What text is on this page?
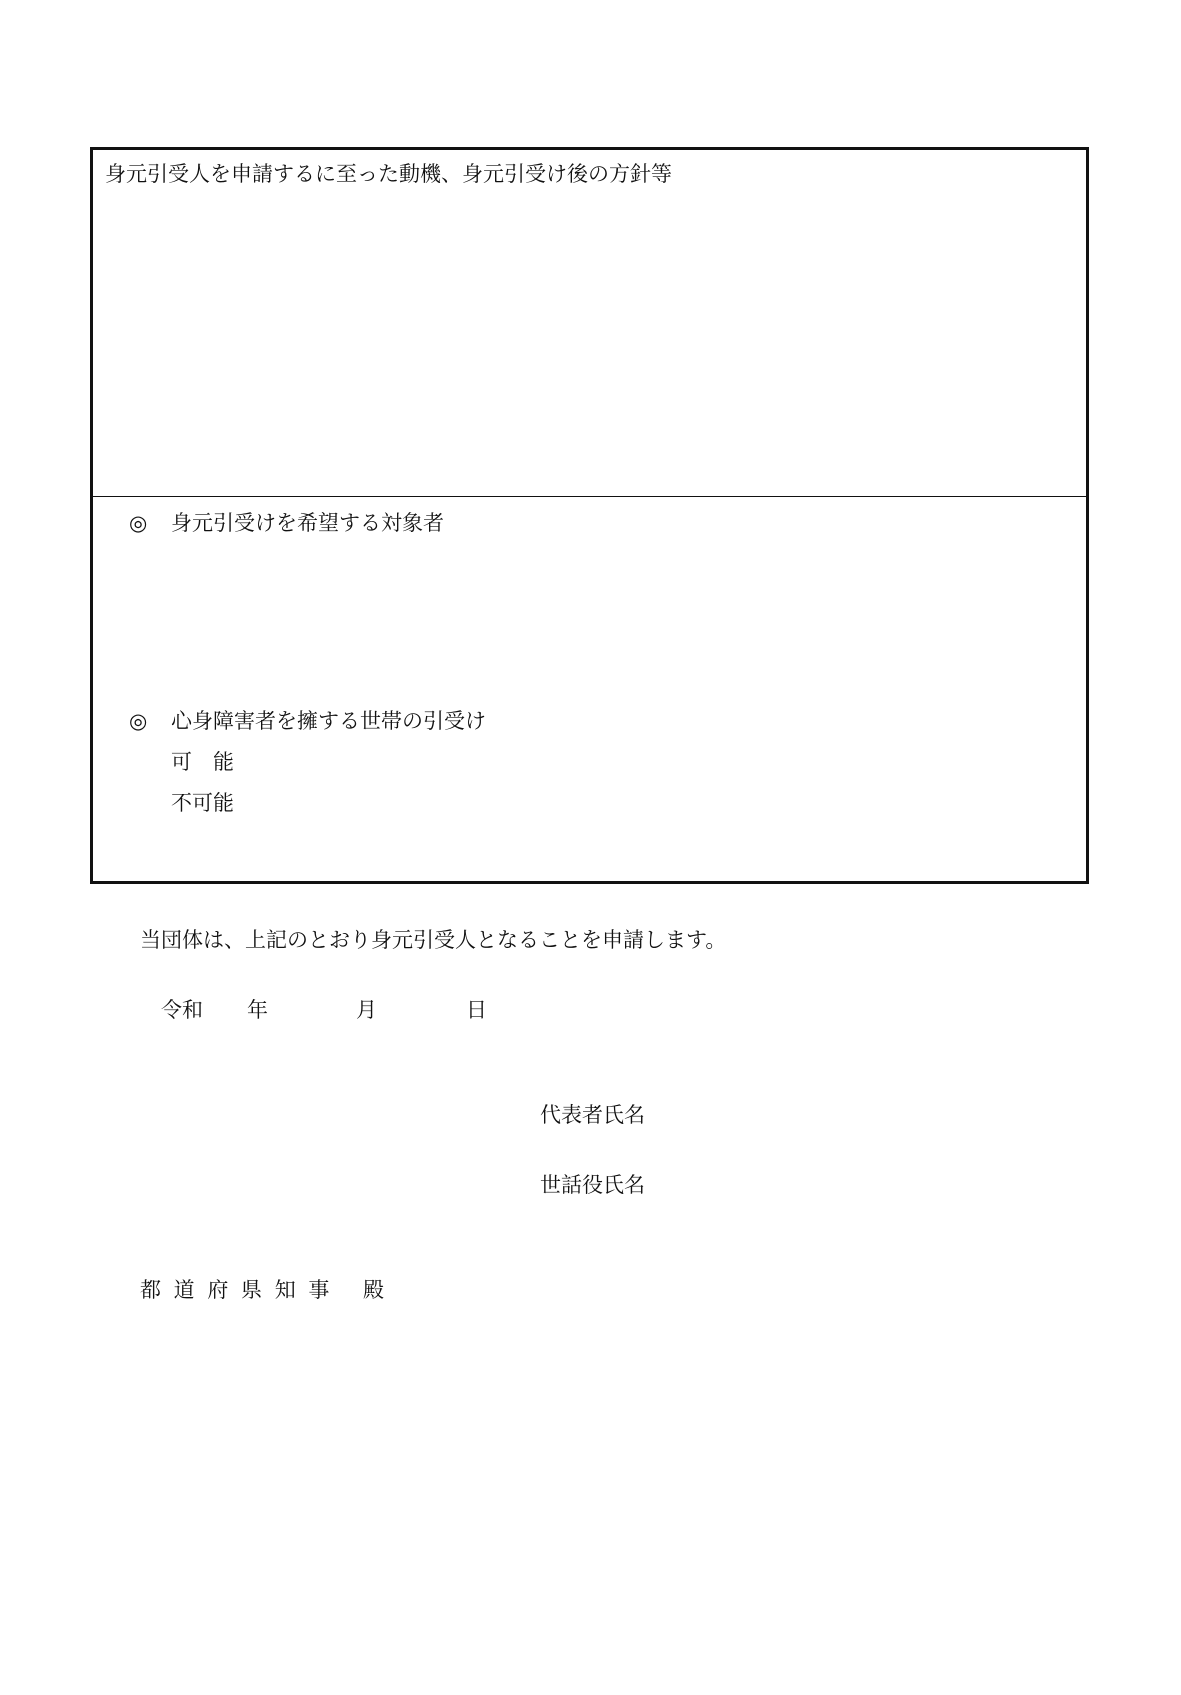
身元引受人を申請するに至った動機、身元引受け後の方針等
◎ 身元引受けを希望する対象者
◎ 心身障害者を擁する世帯の引受け
可　能
不可能
当団体は、上記のとおり身元引受人となることを申請します。
令和 年	月	日
代表者氏名
世話役氏名
都 道 府 県 知 事　 殿
